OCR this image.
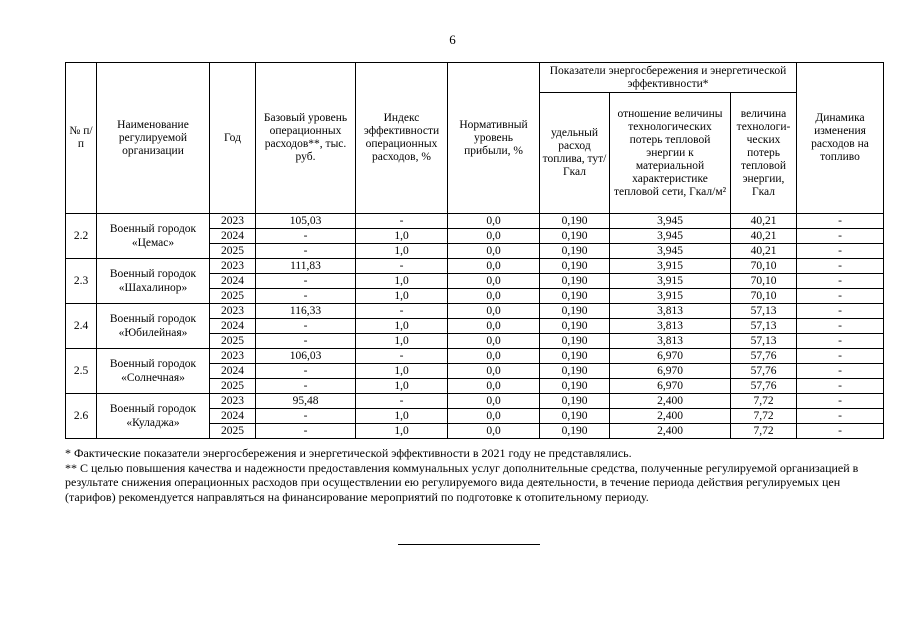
6
№ п/п	Наименование регулируемой организации	Год	Базовый уровень операционных расходов**, тыс. руб.	Индекс эффективности операционных расходов, %	Нормативный уровень прибыли, %	Показатели энергосбережения и энергетической эффективности*			Динамика изменения расходов на топливо
						удельный расход топлива, тут/Гкал	отношение величины технологических потерь тепловой энергии к материальной характеристике тепловой сети, Гкал/м²	величина технологи-ческих потерь тепловой энергии, Гкал	
2.2	Военный городок «Цемас»	2023	105,03	-	0,0	0,190	3,945	40,21	-
		2024	-	1,0	0,0	0,190	3,945	40,21	-
		2025	-	1,0	0,0	0,190	3,945	40,21	-
2.3	Военный городок «Шахалинор»	2023	111,83	-	0,0	0,190	3,915	70,10	-
		2024	-	1,0	0,0	0,190	3,915	70,10	-
		2025	-	1,0	0,0	0,190	3,915	70,10	-
2.4	Военный городок «Юбилейная»	2023	116,33	-	0,0	0,190	3,813	57,13	-
		2024	-	1,0	0,0	0,190	3,813	57,13	-
		2025	-	1,0	0,0	0,190	3,813	57,13	-
2.5	Военный городок «Солнечная»	2023	106,03	-	0,0	0,190	6,970	57,76	-
		2024	-	1,0	0,0	0,190	6,970	57,76	-
		2025	-	1,0	0,0	0,190	6,970	57,76	-
2.6	Военный городок «Куладжа»	2023	95,48	-	0,0	0,190	2,400	7,72	-
		2024	-	1,0	0,0	0,190	2,400	7,72	-
		2025	-	1,0	0,0	0,190	2,400	7,72	-

* Фактические показатели энергосбережения и энергетической эффективности в 2021 году не представлялись.

** С целью повышения качества и надежности предоставления коммунальных услуг дополнительные средства, полученные регулируемой организацией в результате снижения операционных расходов при осуществлении ею регулируемого вида деятельности, в течение периода действия регулируемых цен (тарифов) рекомендуется направляться на финансирование мероприятий по подготовке к отопительному периоду.
